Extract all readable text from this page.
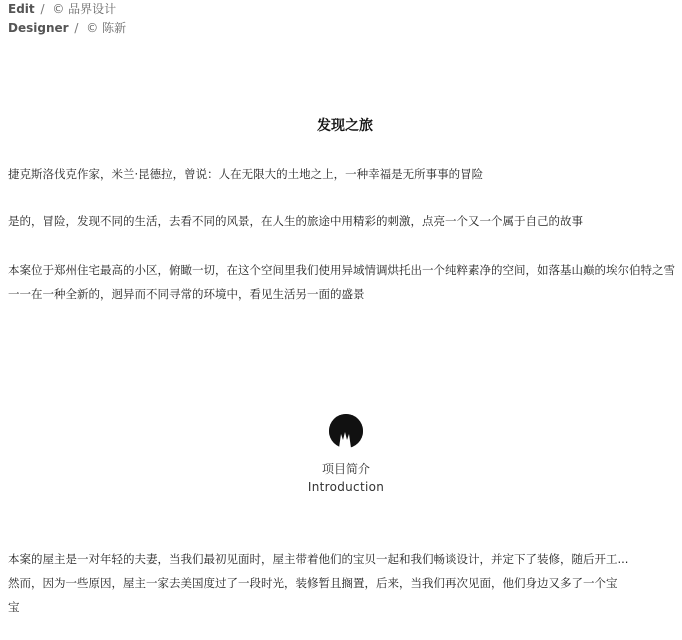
Edit / © 品界设计
Designer / © 陈新
发现之旅
捷克斯洛伐克作家，米兰·昆德拉，曾说：人在无限大的土地之上，一种幸福是无所事事的冒险
是的，冒险，发现不同的生活，去看不同的风景，在人生的旅途中用精彩的刺激，点亮一个又一个属于自己的故事
本案位于郑州住宅最高的小区，俯瞰一切，在这个空间里我们使用异域情调烘托出一个纯粹素净的空间，如落基山巅的埃尔伯特之雪一一在一种全新的，迥异而不同寻常的环境中，看见生活另一面的盛景
项目简介
Introduction
本案的屋主是一对年轻的夫妻，当我们最初见面时，屋主带着他们的宝贝一起和我们畅谈设计，并定下了装修，随后开工...
然而，因为一些原因，屋主一家去美国度过了一段时光，装修暂且搁置，后来，当我们再次见面，他们身边又多了一个宝
宝
